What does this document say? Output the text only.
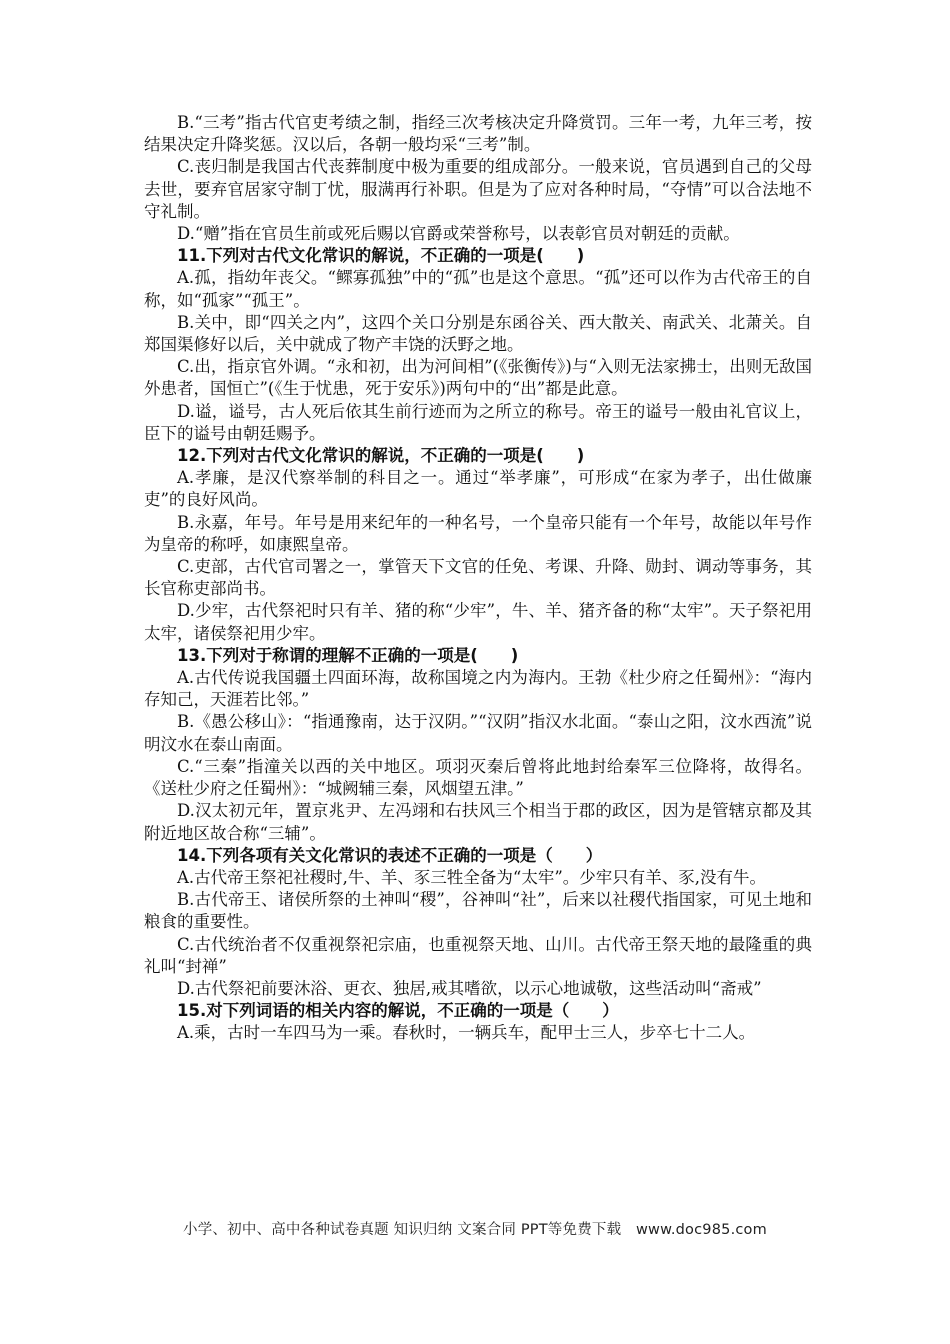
B.“三考”指古代官吏考绩之制，指经三次考核决定升降赏罚。三年一考，九年三考，按结果决定升降奖惩。汉以后，各朝一般均采“三考”制。

C.丧归制是我国古代丧葬制度中极为重要的组成部分。一般来说，官员遇到自己的父母去世，要弃官居家守制丁忧，服满再行补职。但是为了应对各种时局，“夺情”可以合法地不守礼制。

D.“赠”指在官员生前或死后赐以官爵或荣誉称号，以表彰官员对朝廷的贡献。

11.下列对古代文化常识的解说，不正确的一项是(　　)

A.孤，指幼年丧父。“鳏寡孤独”中的“孤”也是这个意思。“孤”还可以作为古代帝王的自称，如“孤家”“孤王”。

B.关中，即“四关之内”，这四个关口分别是东函谷关、西大散关、南武关、北萧关。自郑国渠修好以后，关中就成了物产丰饶的沃野之地。

C.出，指京官外调。“永和初，出为河间相”(《张衡传》)与“入则无法家拂士，出则无敌国外患者，国恒亡”(《生于忧患，死于安乐》)两句中的“出”都是此意。

D.谥，谥号，古人死后依其生前行迹而为之所立的称号。帝王的谥号一般由礼官议上，臣下的谥号由朝廷赐予。

12.下列对古代文化常识的解说，不正确的一项是(　　)

A.孝廉，是汉代察举制的科目之一。通过“举孝廉”，可形成“在家为孝子，出仕做廉吏”的良好风尚。

B.永嘉，年号。年号是用来纪年的一种名号，一个皇帝只能有一个年号，故能以年号作为皇帝的称呼，如康熙皇帝。

C.吏部，古代官司署之一，掌管天下文官的任免、考课、升降、勋封、调动等事务，其长官称吏部尚书。

D.少牢，古代祭祀时只有羊、猪的称“少牢”，牛、羊、猪齐备的称“太牢”。天子祭祀用太牢，诸侯祭祀用少牢。

13.下列对于称谓的理解不正确的一项是(　　)

A.古代传说我国疆土四面环海，故称国境之内为海内。王勃《杜少府之任蜀州》：“海内存知己，天涯若比邻。”

B.《愚公移山》：“指通豫南，达于汉阴。”“汉阴”指汉水北面。“泰山之阳，汶水西流”说明汶水在泰山南面。

C.“三秦”指潼关以西的关中地区。项羽灭秦后曾将此地封给秦军三位降将，故得名。《送杜少府之任蜀州》：“城阙辅三秦，风烟望五津。”

D.汉太初元年，置京兆尹、左冯翊和右扶风三个相当于郡的政区，因为是管辖京都及其附近地区故合称“三辅”。

14.下列各项有关文化常识的表述不正确的一项是（　　）

A.古代帝王祭祀社稷时,牛、羊、豕三牲全备为“太牢”。少牢只有羊、豕,没有牛。

B.古代帝王、诸侯所祭的土神叫“稷”，谷神叫“社”，后来以社稷代指国家，可见土地和粮食的重要性。

C.古代统治者不仅重视祭祀宗庙，也重视祭天地、山川。古代帝王祭天地的最隆重的典礼叫“封禅”

D.古代祭祀前要沐浴、更衣、独居,戒其嗜欲，以示心地诚敬，这些活动叫“斋戒”

15.对下列词语的相关内容的解说，不正确的一项是（　　）

A.乘，古时一车四马为一乘。春秋时，一辆兵车，配甲士三人，步卒七十二人。

小学、初中、高中各种试卷真题 知识归纳 文案合同 PPT等免费下载　www.doc985.com
